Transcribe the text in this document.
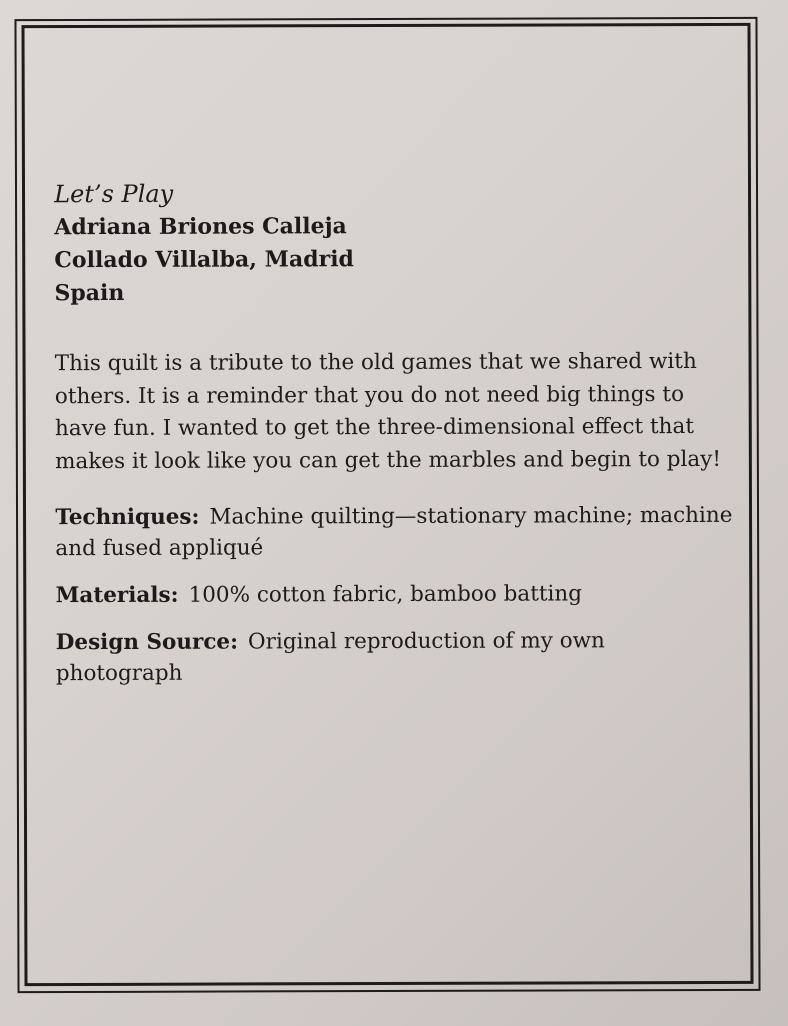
Let’s Play

Adriana Briones Calleja

Collado Villalba, Madrid

Spain

This quilt is a tribute to the old games that we shared with others. It is a reminder that you do not need big things to have fun. I wanted to get the three-dimensional effect that makes it look like you can get the marbles and begin to play!

Techniques: Machine quilting—stationary machine; machine and fused appliqué

Materials: 100% cotton fabric, bamboo batting

Design Source: Original reproduction of my own photograph
